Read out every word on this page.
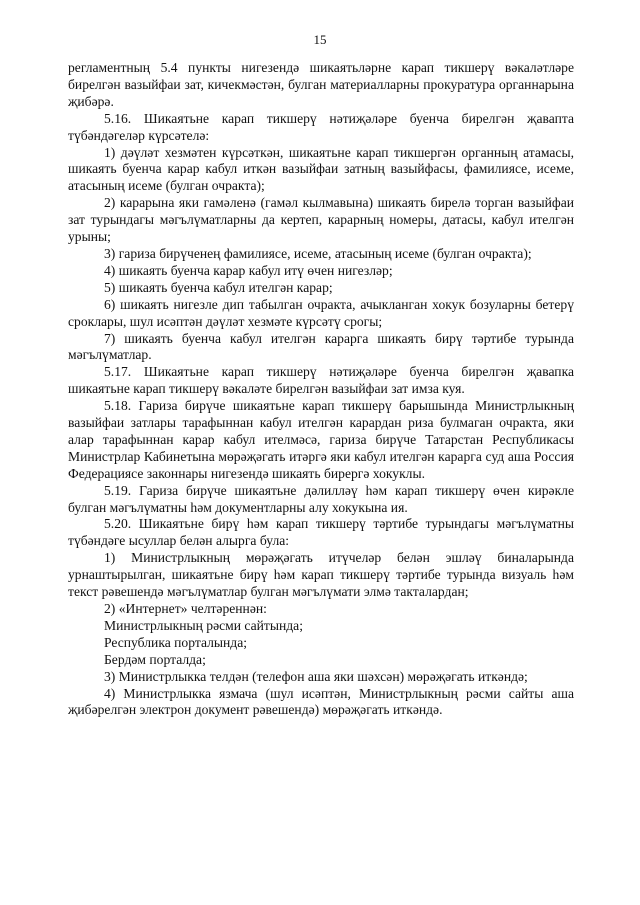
15

регламентның 5.4 пункты нигезендә шикаятьләрне карап тикшерү вәкаләтләре бирелгән вазыйфаи зат, кичекмәстән, булган материалларны прокуратура органнарына җибәрә.

5.16. Шикаятьне карап тикшерү нәтиҗәләре буенча бирелгән җавапта түбәндәгеләр күрсәтелә:

1) дәүләт хезмәтен күрсәткән, шикаятьне карап тикшергән органның атамасы, шикаять буенча карар кабул иткән вазыйфаи затның вазыйфасы, фамилиясе, исеме, атасының исеме (булган очракта);

2) карарына яки гамәленә (гамәл кылмавына) шикаять бирелә торган вазыйфаи зат турындагы мәгълүматларны да кертеп, карарның номеры, датасы, кабул ителгән урыны;

3) гариза бирүченең фамилиясе, исеме, атасының исеме (булган очракта);

4) шикаять буенча карар кабул итү өчен нигезләр;

5) шикаять буенча кабул ителгән карар;

6) шикаять нигезле дип табылган очракта, ачыкланган хокук бозуларны бетерү сроклары, шул исәптән дәүләт хезмәте күрсәтү срогы;

7) шикаять буенча кабул ителгән карарга шикаять бирү тәртибе турында мәгълүматлар.

5.17. Шикаятьне карап тикшерү нәтиҗәләре буенча бирелгән җавапка шикаятьне карап тикшерү вәкаләте бирелгән вазыйфаи зат имза куя.

5.18. Гариза бирүче шикаятьне карап тикшерү барышында Министрлыкның вазыйфаи затлары тарафыннан кабул ителгән карардан риза булмаган очракта, яки алар тарафыннан карар кабул ителмәсә, гариза бирүче Татарстан Республикасы Министрлар Кабинетына мөрәҗәгать итәргә яки кабул ителгән карарга суд аша Россия Федерациясе законнары нигезендә шикаять бирергә хокуклы.

5.19. Гариза бирүче шикаятьне дәлилләү һәм карап тикшерү өчен кирәкле булган мәгълүматны һәм документларны алу хокукына ия.

5.20. Шикаятьне бирү һәм карап тикшерү тәртибе турындагы мәгълүматны түбәндәге ысуллар белән алырга була:

1) Министрлыкның мөрәҗәгать итүчеләр белән эшләү биналарында урнаштырылган, шикаятьне бирү һәм карап тикшерү тәртибе турында визуаль һәм текст рәвешендә мәгълүматлар булган мәгълүмати элмә такталардан;

2) «Интернет» челтәреннән:

Министрлыкның рәсми сайтында;

Республика порталында;

Бердәм порталда;

3) Министрлыкка телдән (телефон аша яки шәхсән) мөрәҗәгать иткәндә;

4) Министрлыкка язмача (шул исәптән, Министрлыкның рәсми сайты аша җибәрелгән электрон документ рәвешендә) мөрәҗәгать иткәндә.
